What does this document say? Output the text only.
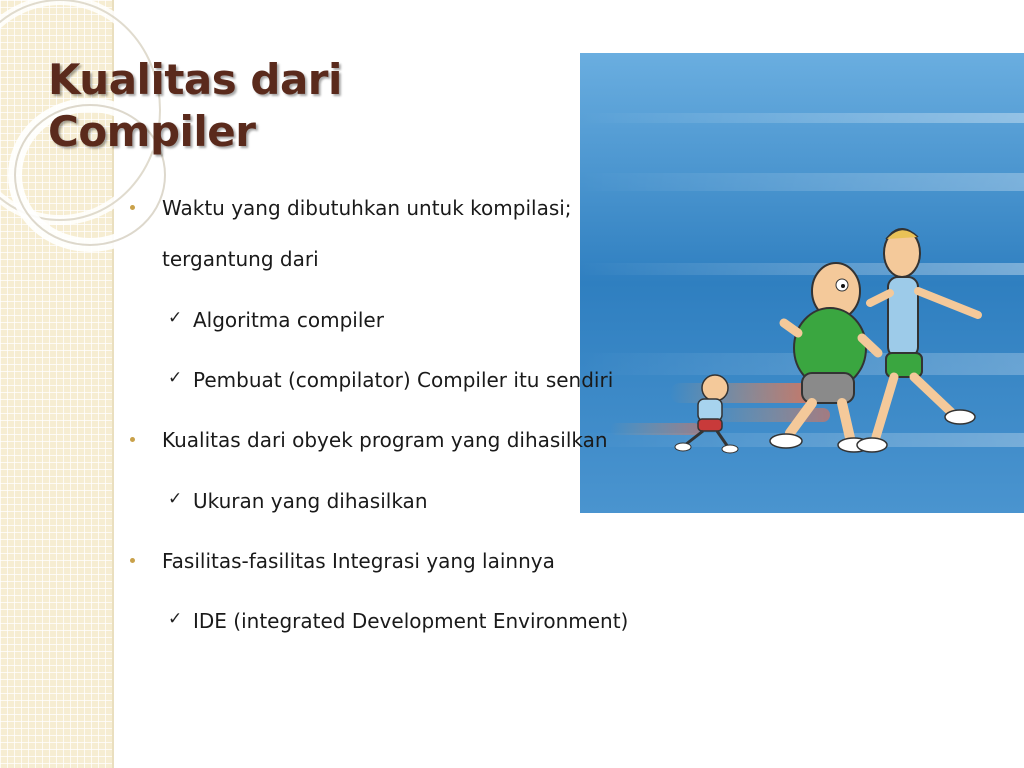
Kualitas dari
Compiler
Waktu yang dibutuhkan untuk kompilasi;
tergantung dari
✓ Algoritma compiler
✓ Pembuat (compilator) Compiler itu sendiri
Kualitas dari obyek program yang dihasilkan
✓ Ukuran yang dihasilkan
Fasilitas-fasilitas Integrasi yang lainnya
✓ IDE (integrated Development Environment)
